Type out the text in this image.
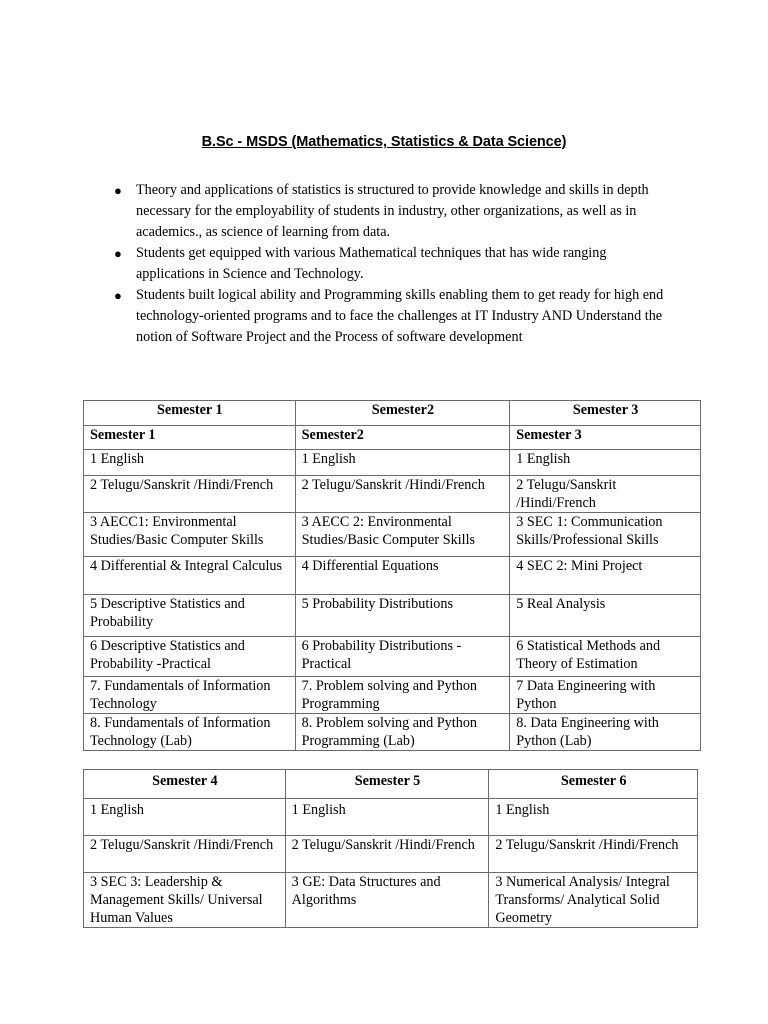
B.Sc - MSDS (Mathematics, Statistics & Data Science)
● Theory and applications of statistics is structured to provide knowledge and skills in depth necessary for the employability of students in industry, other organizations, as well as in academics., as science of learning from data.
● Students get equipped with various Mathematical techniques that has wide ranging applications in Science and Technology.
● Students built logical ability and Programming skills enabling them to get ready for high end technology-oriented programs and to face the challenges at IT Industry AND Understand the notion of Software Project and the Process of software development
Semester 1	Semester2	Semester 3
Semester 1	Semester2	Semester 3
1 English	1 English	1 English
2 Telugu/Sanskrit /Hindi/French	2 Telugu/Sanskrit /Hindi/French	2 Telugu/Sanskrit /Hindi/French
3 AECC1: Environmental Studies/Basic Computer Skills	3 AECC 2: Environmental Studies/Basic Computer Skills	3 SEC 1: Communication Skills/Professional Skills
4 Differential & Integral Calculus	4 Differential Equations	4 SEC 2: Mini Project
5 Descriptive Statistics and Probability	5 Probability Distributions	5 Real Analysis
6 Descriptive Statistics and Probability -Practical	6 Probability Distributions - Practical	6 Statistical Methods and Theory of Estimation
7. Fundamentals of Information Technology	7. Problem solving and Python Programming	7 Data Engineering with Python
8. Fundamentals of Information Technology (Lab)	8. Problem solving and Python Programming (Lab)	8. Data Engineering with Python (Lab)
Semester 4	Semester 5	Semester 6
1 English	1 English	1 English
2 Telugu/Sanskrit /Hindi/French	2 Telugu/Sanskrit /Hindi/French	2 Telugu/Sanskrit /Hindi/French
3 SEC 3: Leadership & Management Skills/ Universal Human Values	3 GE: Data Structures and Algorithms	3 Numerical Analysis/ Integral Transforms/ Analytical Solid Geometry
